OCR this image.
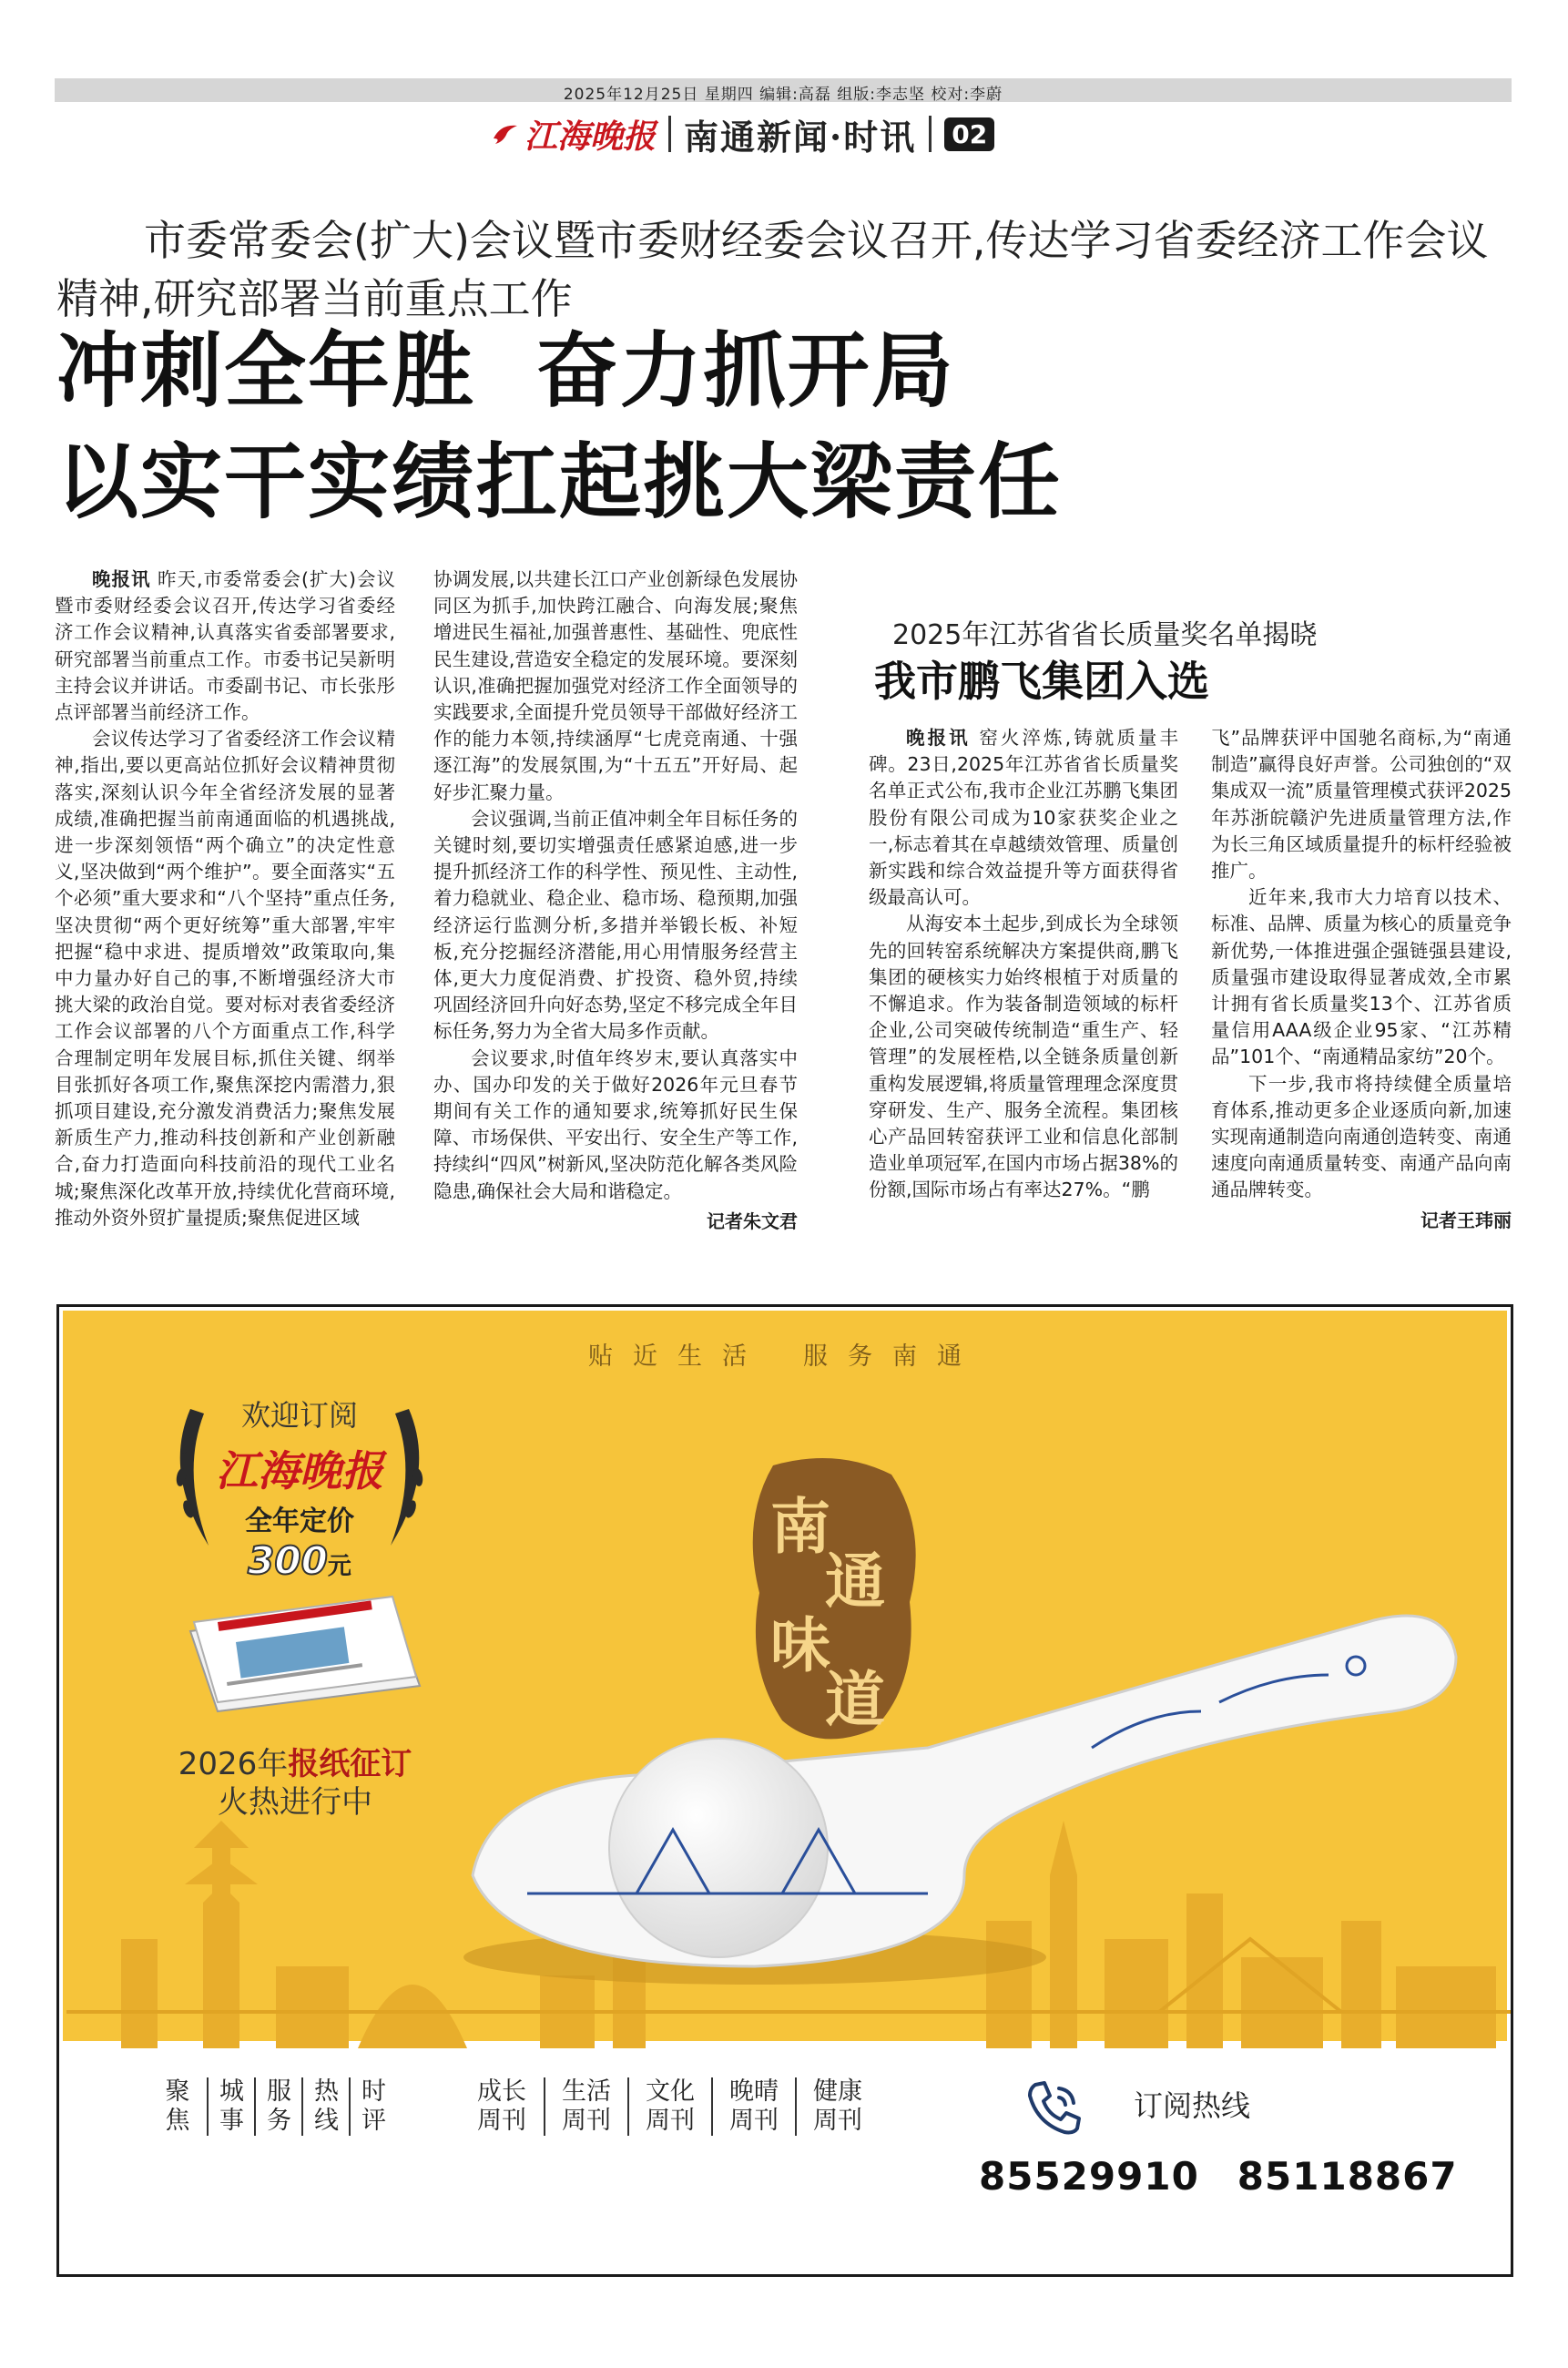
2025年12月25日 星期四 编辑:高磊 组版:李志坚 校对:李蔚
江海晚报 南通新闻·时讯 02
市委常委会(扩大)会议暨市委财经委会议召开,传达学习省委经济工作会议精神,研究部署当前重点工作
冲刺全年胜  奋力抓开局
以实干实绩扛起挑大梁责任

晚报讯 昨天,市委常委会(扩大)会议暨市委财经委会议召开,传达学习省委经济工作会议精神,认真落实省委部署要求,研究部署当前重点工作。市委书记吴新明主持会议并讲话。市委副书记、市长张彤点评部署当前经济工作。

会议传达学习了省委经济工作会议精神,指出,要以更高站位抓好会议精神贯彻落实,深刻认识今年全省经济发展的显著成绩,准确把握当前南通面临的机遇挑战,进一步深刻领悟“两个确立”的决定性意义,坚决做到“两个维护”。要全面落实“五个必须”重大要求和“八个坚持”重点任务,坚决贯彻“两个更好统筹”重大部署,牢牢把握“稳中求进、提质增效”政策取向,集中力量办好自己的事,不断增强经济大市挑大梁的政治自觉。要对标对表省委经济工作会议部署的八个方面重点工作,科学合理制定明年发展目标,抓住关键、纲举目张抓好各项工作,聚焦深挖内需潜力,狠抓项目建设,充分激发消费活力;聚焦发展新质生产力,推动科技创新和产业创新融合,奋力打造面向科技前沿的现代工业名城;聚焦深化改革开放,持续优化营商环境,推动外资外贸扩量提质;聚焦促进区域

协调发展,以共建长江口产业创新绿色发展协同区为抓手,加快跨江融合、向海发展;聚焦增进民生福祉,加强普惠性、基础性、兜底性民生建设,营造安全稳定的发展环境。要深刻认识,准确把握加强党对经济工作全面领导的实践要求,全面提升党员领导干部做好经济工作的能力本领,持续涵厚“七虎竞南通、十强逐江海”的发展氛围,为“十五五”开好局、起好步汇聚力量。

会议强调,当前正值冲刺全年目标任务的关键时刻,要切实增强责任感紧迫感,进一步提升抓经济工作的科学性、预见性、主动性,着力稳就业、稳企业、稳市场、稳预期,加强经济运行监测分析,多措并举锻长板、补短板,充分挖掘经济潜能,用心用情服务经营主体,更大力度促消费、扩投资、稳外贸,持续巩固经济回升向好态势,坚定不移完成全年目标任务,努力为全省大局多作贡献。

会议要求,时值年终岁末,要认真落实中办、国办印发的关于做好2026年元旦春节期间有关工作的通知要求,统筹抓好民生保障、市场保供、平安出行、安全生产等工作,持续纠“四风”树新风,坚决防范化解各类风险隐患,确保社会大局和谐稳定。

记者朱文君
2025年江苏省省长质量奖名单揭晓
我市鹏飞集团入选

晚报讯 窑火淬炼,铸就质量丰碑。23日,2025年江苏省省长质量奖名单正式公布,我市企业江苏鹏飞集团股份有限公司成为10家获奖企业之一,标志着其在卓越绩效管理、质量创新实践和综合效益提升等方面获得省级最高认可。

从海安本土起步,到成长为全球领先的回转窑系统解决方案提供商,鹏飞集团的硬核实力始终根植于对质量的不懈追求。作为装备制造领域的标杆企业,公司突破传统制造“重生产、轻管理”的发展桎梏,以全链条质量创新重构发展逻辑,将质量管理理念深度贯穿研发、生产、服务全流程。集团核心产品回转窑获评工业和信息化部制造业单项冠军,在国内市场占据38%的份额,国际市场占有率达27%。“鹏

飞”品牌获评中国驰名商标,为“南通制造”赢得良好声誉。公司独创的“双集成双一流”质量管理模式获评2025年苏浙皖赣沪先进质量管理方法,作为长三角区域质量提升的标杆经验被推广。

近年来,我市大力培育以技术、标准、品牌、质量为核心的质量竞争新优势,一体推进强企强链强县建设,质量强市建设取得显著成效,全市累计拥有省长质量奖13个、江苏省质量信用AAA级企业95家、“江苏精品”101个、“南通精品家纺”20个。

下一步,我市将持续健全质量培育体系,推动更多企业逐质向新,加速实现南通制造向南通创造转变、南通速度向南通质量转变、南通产品向南通品牌转变。

记者王玮丽
贴近生活 服务南通
欢迎订阅
江海晚报
全年定价
300元
2026年报纸征订
火热进行中
南
通
味
道
聚焦
城事
服务
热线
时评
成长
周刊
生活
周刊
文化
周刊
晚晴
周刊
健康
周刊	订阅热线
85529910 85118867
